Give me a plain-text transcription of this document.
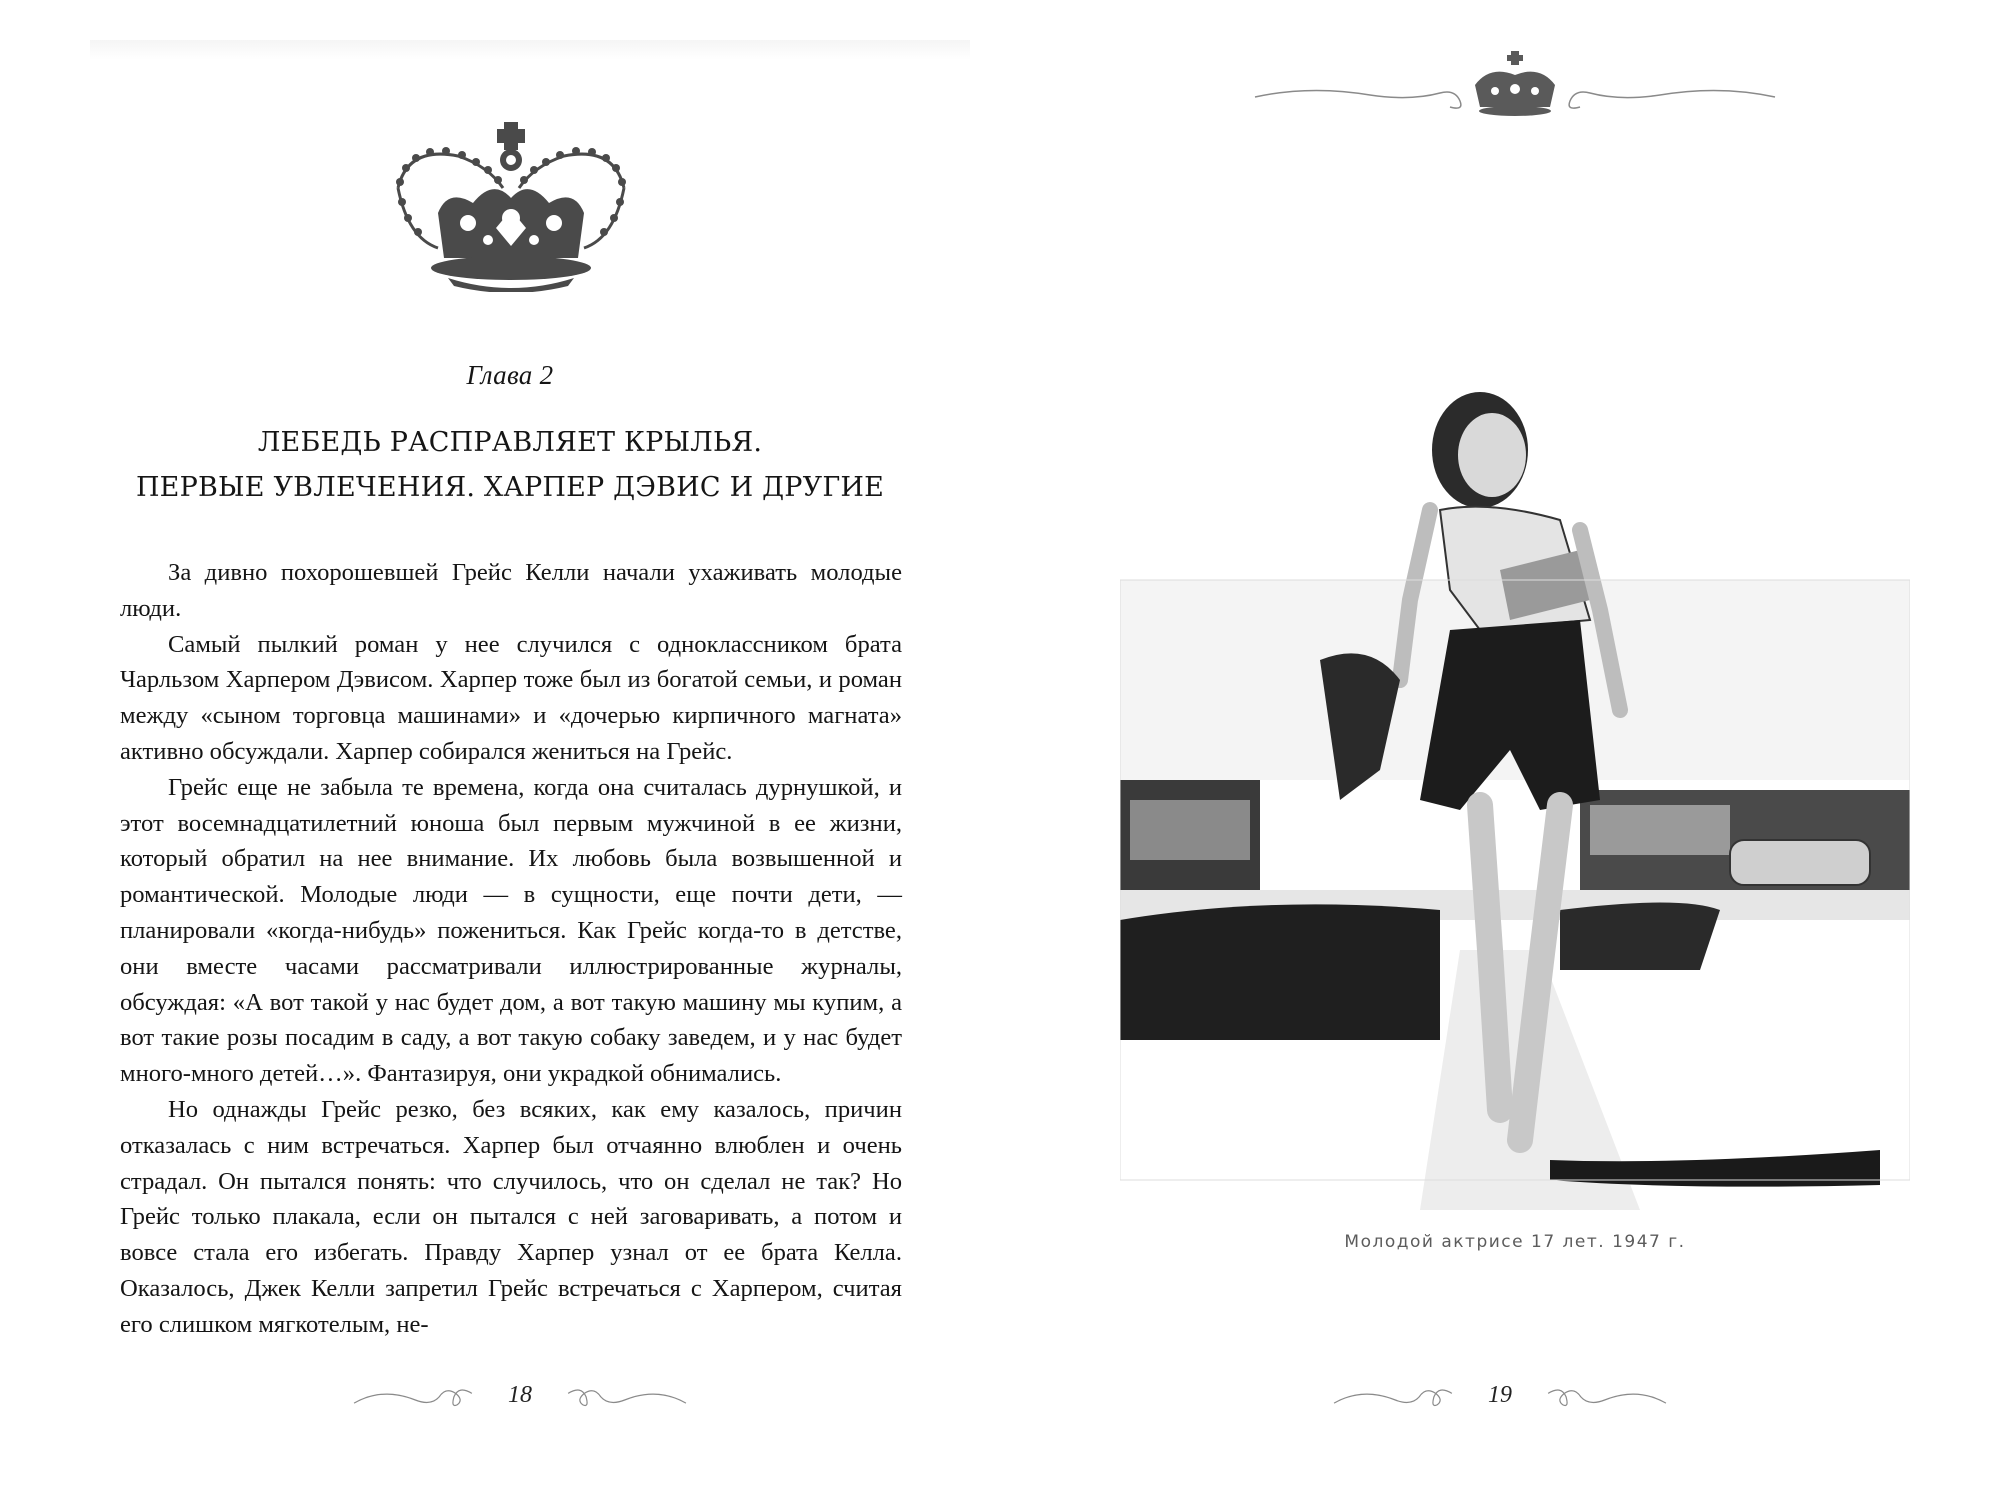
Глава 2
ЛЕБЕДЬ РАСПРАВЛЯЕТ КРЫЛЬЯ.
ПЕРВЫЕ УВЛЕЧЕНИЯ. ХАРПЕР ДЭВИС И ДРУГИЕ

За дивно похорошевшей Грейс Келли начали ухаживать молодые люди.

Самый пылкий роман у нее случился с одноклассником брата Чарльзом Харпером Дэвисом. Харпер тоже был из богатой семьи, и роман между «сыном торговца машинами» и «дочерью кирпичного магната» активно обсуждали. Харпер собирался жениться на Грейс.

Грейс еще не забыла те времена, когда она считалась дурнушкой, и этот восемнадцатилетний юноша был первым мужчиной в ее жизни, который обратил на нее внимание. Их любовь была возвышенной и романтической. Молодые люди — в сущности, еще почти дети, — планировали «когда-нибудь» пожениться. Как Грейс когда-то в детстве, они вместе часами рассматривали иллюстрированные журналы, обсуждая: «А вот такой у нас будет дом, а вот такую машину мы купим, а вот такие розы посадим в саду, а вот такую собаку заведем, и у нас будет много-много детей…». Фантазируя, они украдкой обнимались.

Но однажды Грейс резко, без всяких, как ему казалось, причин отказалась с ним встречаться. Харпер был отчаянно влюблен и очень страдал. Он пытался понять: что случилось, что он сделал не так? Но Грейс только плакала, если он пытался с ней заговаривать, а потом и вовсе стала его избегать. Правду Харпер узнал от ее брата Келла. Оказалось, Джек Келли запретил Грейс встречаться с Харпером, считая его слишком мягкотелым, не-

18
Молодой актрисе 17 лет. 1947 г.
19
